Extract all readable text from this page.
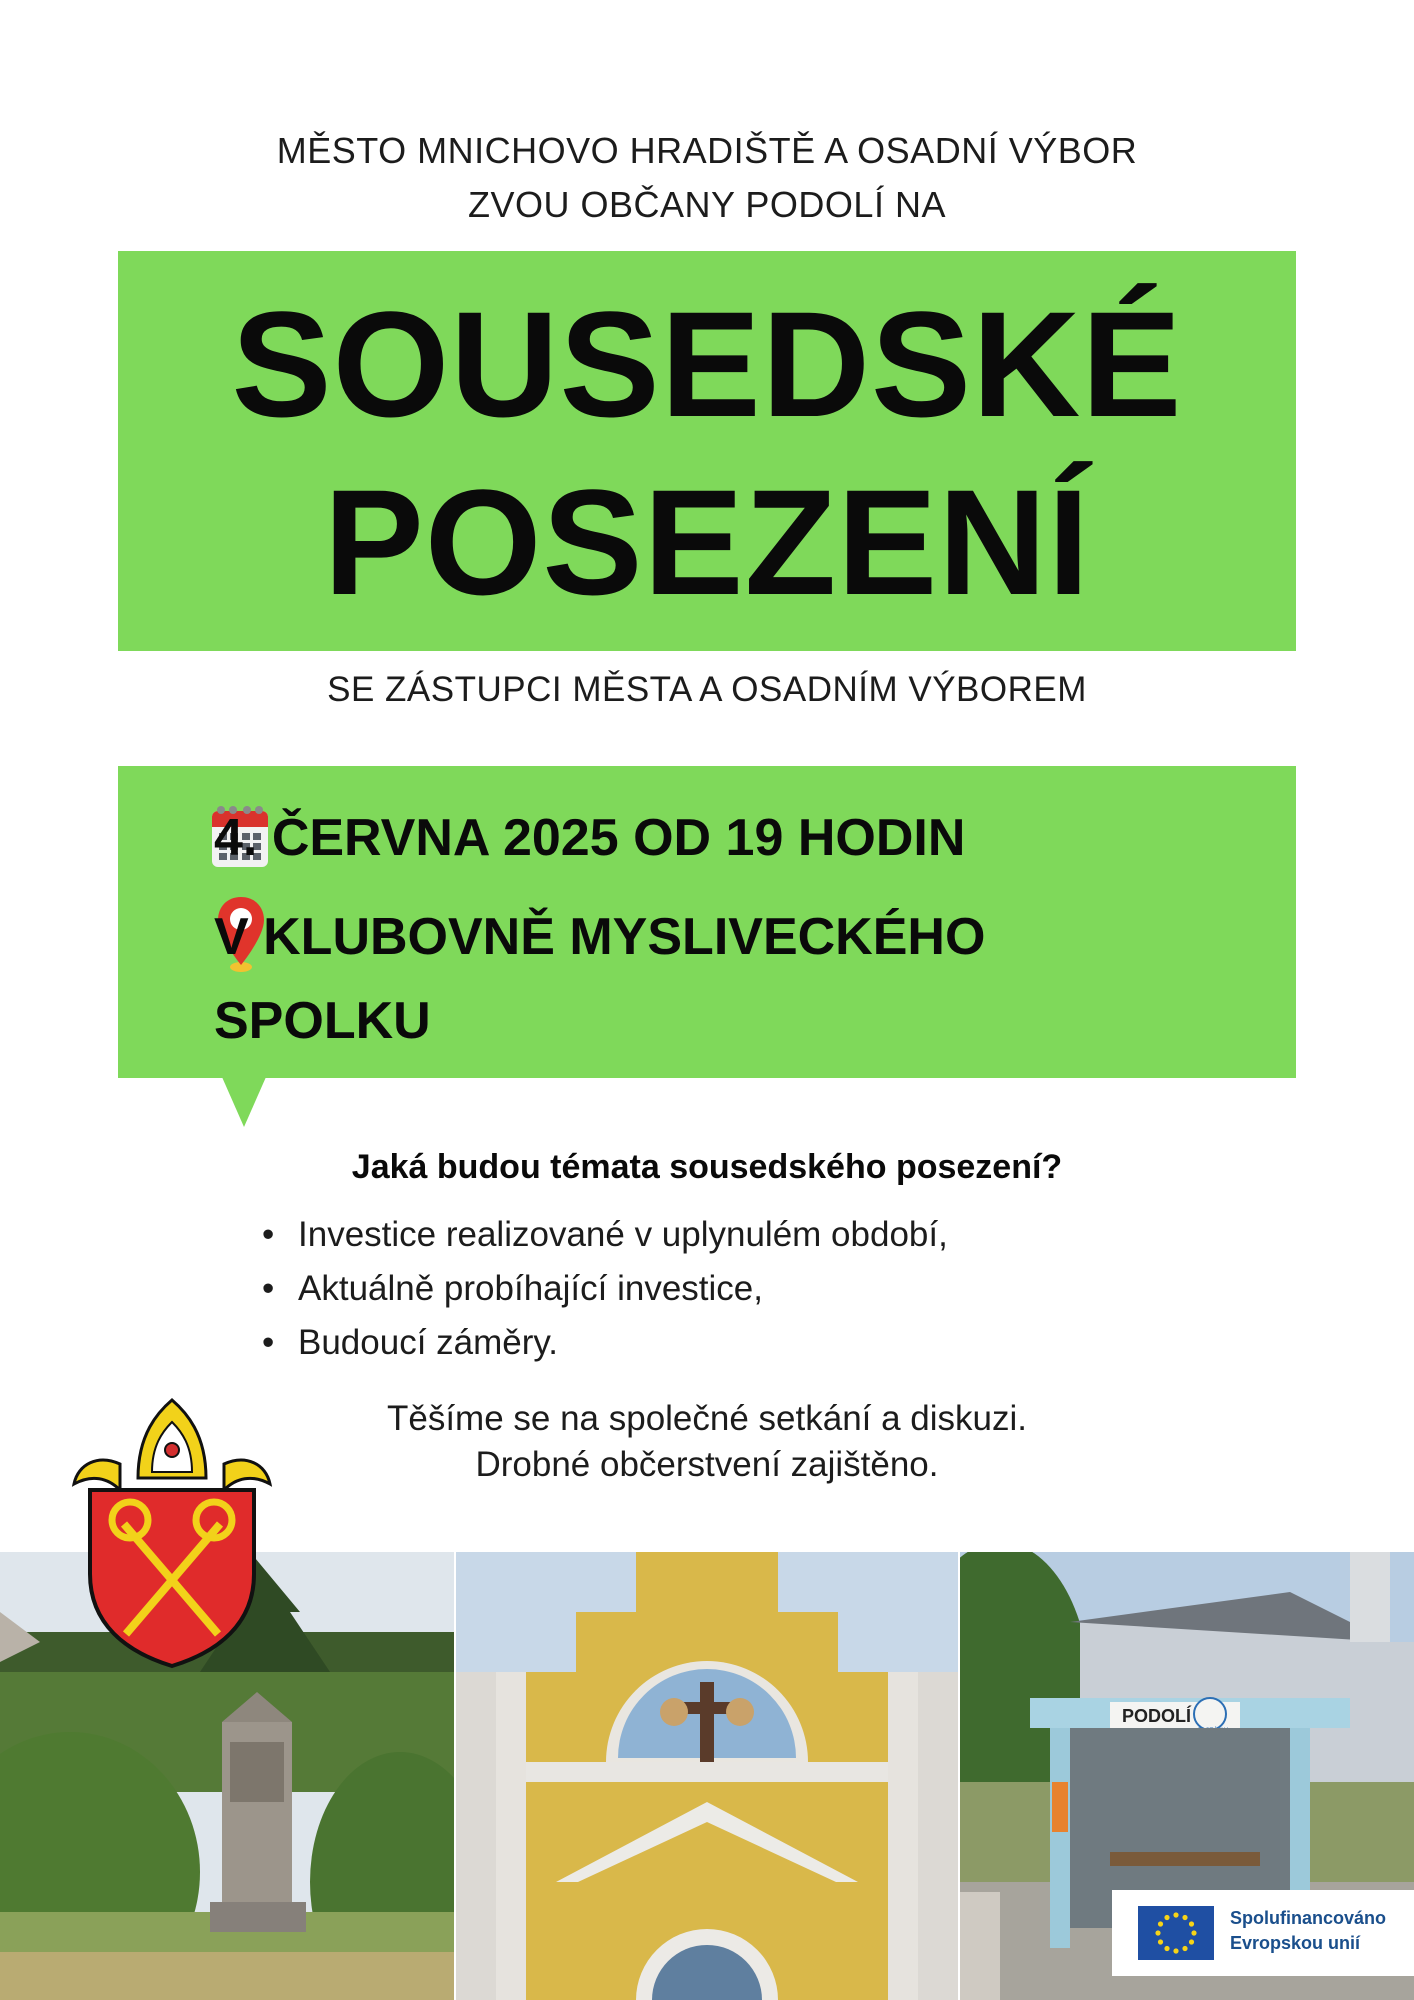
MĚSTO MNICHOVO HRADIŠTĚ A OSADNÍ VÝBOR
ZVOU OBČANY PODOLÍ NA
SOUSEDSKÉ
POSEZENÍ
SE ZÁSTUPCI MĚSTA A OSADNÍM VÝBOREM
4. ČERVNA 2025 OD 19 HODIN
V KLUBOVNĚ MYSLIVECKÉHO
SPOLKU
Jaká budou témata sousedského posezení?
• Investice realizované v uplynulém období,
• Aktuálně probíhající investice,
• Budoucí záměry.
Těšíme se na společné setkání a diskuzi.
Drobné občerstvení zajištěno.
PODOLÍ
Spolufinancováno
Evropskou unií
